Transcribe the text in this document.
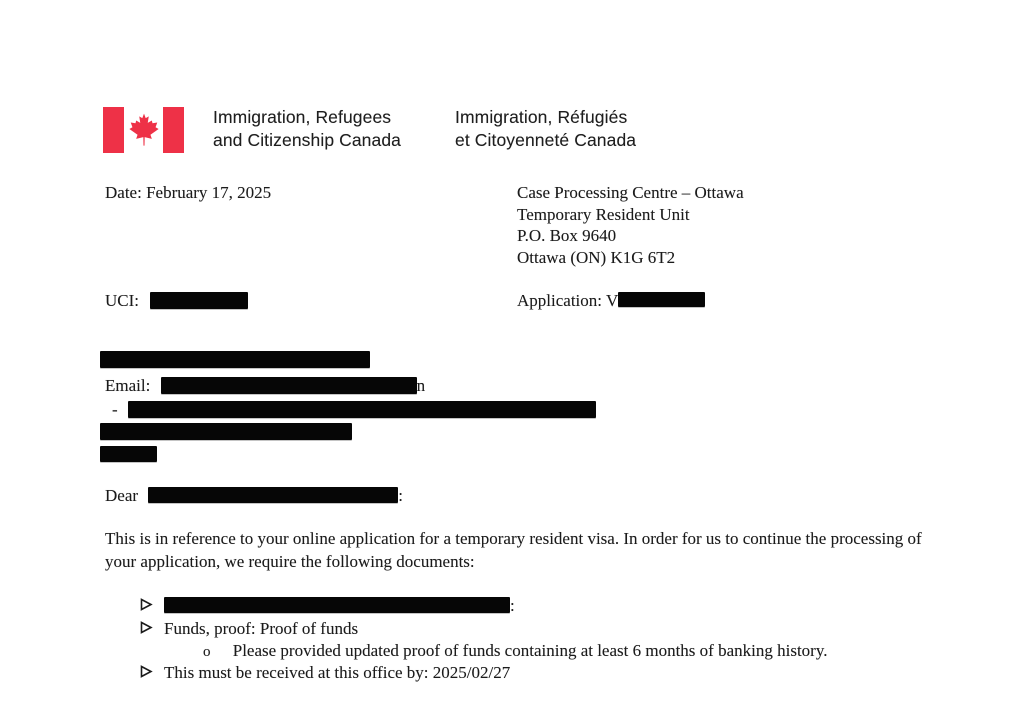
Immigration, Refugees
and Citizenship Canada
Immigration, Réfugiés
et Citoyenneté Canada
Date: February 17, 2025	Case Processing Centre – Ottawa
Temporary Resident Unit
P.O. Box 9640
Ottawa (ON) K1G 6T2
UCI:	Application: V
Email:	n
-
Dear	:
This is in reference to your online application for a temporary resident visa. In order for us to continue the processing of your application, we require the following documents:
:
Funds, proof: Proof of funds
o Please provided updated proof of funds containing at least 6 months of banking history.
This must be received at this office by: 2025/02/27
